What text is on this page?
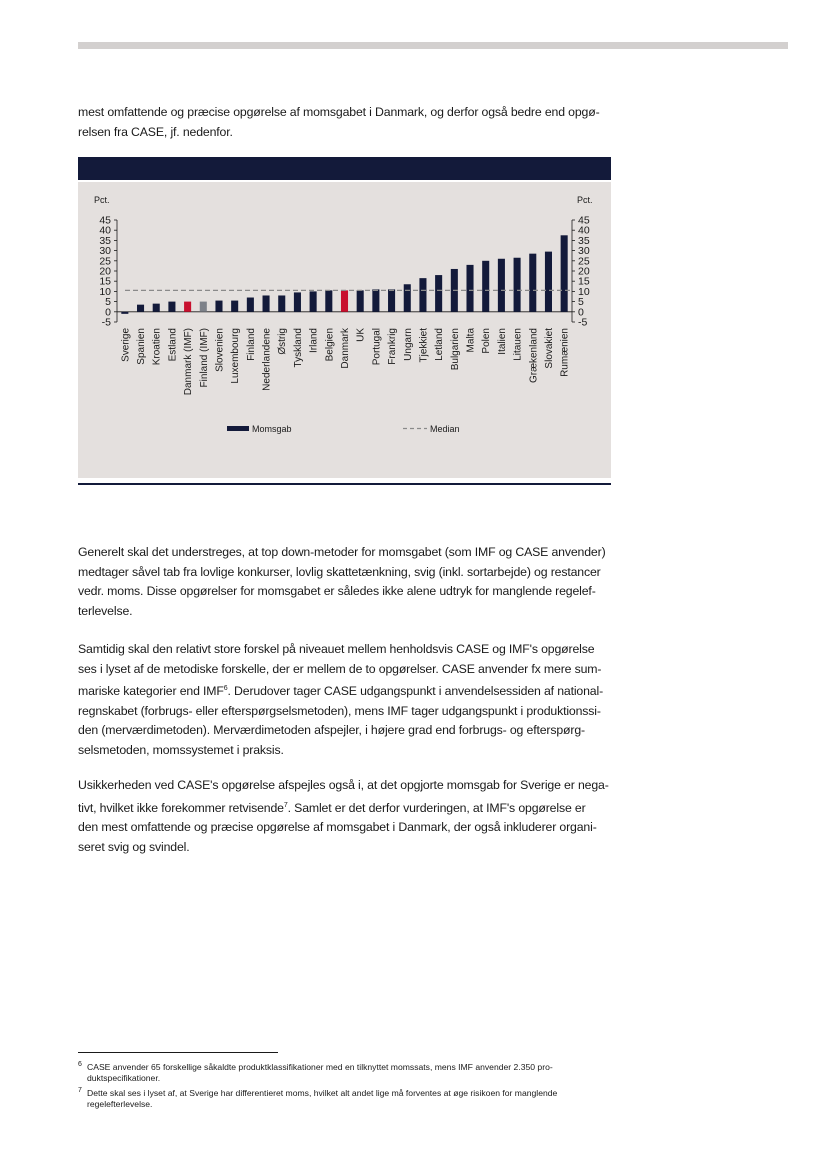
mest omfattende og præcise opgørelse af momsgabet i Danmark, og derfor også bedre end opgø-
relsen fra CASE, jf. nedenfor.

Pct.	Pct.
45	45
40	40
35	35
30	30
25	25
20	20
15	15
10	10
5	5
0	0
-5	-5
Sverige Spanien Kroatien Estland Danmark (IMF) Finland (IMF) Slovenien Luxembourg Finland Nederlandene Østrig Tyskland Irland Belgien Danmark UK Portugal Frankrig Ungarn Tjekkiet Letland Bulgarien Malta Polen Italien Litauen Grækenland Slovakiet Rumænien
Momsgab	Median

Generelt skal det understreges, at top down-metoder for momsgabet (som IMF og CASE anvender)
medtager såvel tab fra lovlige konkurser, lovlig skattetænkning, svig (inkl. sortarbejde) og restancer
vedr. moms. Disse opgørelser for momsgabet er således ikke alene udtryk for manglende regelef-
terlevelse.

Samtidig skal den relativt store forskel på niveauet mellem henholdsvis CASE og IMF's opgørelse
ses i lyset af de metodiske forskelle, der er mellem de to opgørelser. CASE anvender fx mere sum-
mariske kategorier end IMF$^6$. Derudover tager CASE udgangspunkt i anvendelsessiden af national-
regnskabet (forbrugs- eller efterspørgselsmetoden), mens IMF tager udgangspunkt i produktionssi-
den (merværdimetoden). Merværdimetoden afspejler, i højere grad end forbrugs- og efterspørg-
selsmetoden, momssystemet i praksis.

Usikkerheden ved CASE's opgørelse afspejles også i, at det opgjorte momsgab for Sverige er nega-
tivt, hvilket ikke forekommer retvisende$^7$. Samlet er det derfor vurderingen, at IMF's opgørelse er
den mest omfattende og præcise opgørelse af momsgabet i Danmark, der også inkluderer organi-
seret svig og svindel.

$^6$ CASE anvender 65 forskellige såkaldte produktklassifikationer med en tilknyttet momssats, mens IMF anvender 2.350 pro-
duktspecifikationer.

$^7$ Dette skal ses i lyset af, at Sverige har differentieret moms, hvilket alt andet lige må forventes at øge risikoen for manglende
regelefterlevelse.
